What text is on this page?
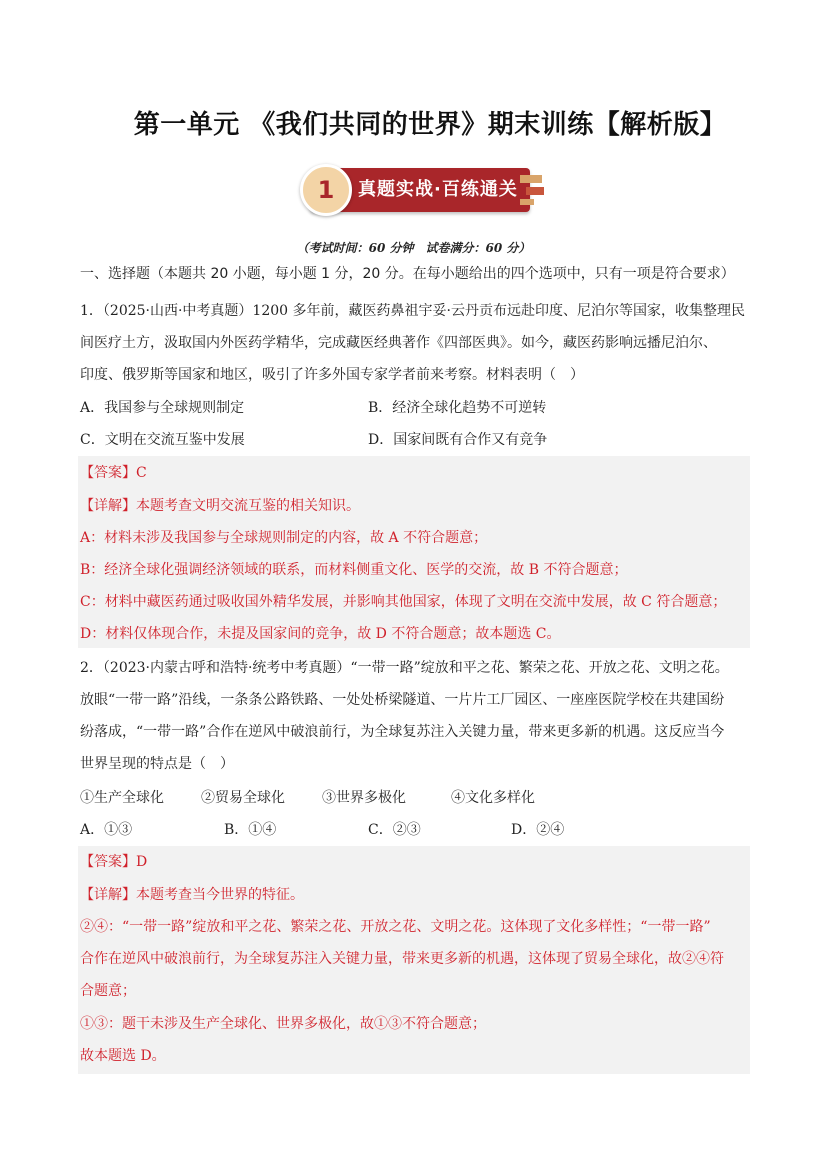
第一单元 《我们共同的世界》期末训练【解析版】
1	真题实战·百练通关
（考试时间：60 分钟　试卷满分：60 分）
一、选择题（本题共 20 小题，每小题 1 分，20 分。在每小题给出的四个选项中，只有一项是符合要求）
1．（2025·山西·中考真题）1200 多年前，藏医药鼻祖宇妥·云丹贡布远赴印度、尼泊尔等国家，收集整理民
间医疗土方，汲取国内外医药学精华，完成藏医经典著作《四部医典》。如今，藏医药影响远播尼泊尔、
印度、俄罗斯等国家和地区，吸引了许多外国专家学者前来考察。材料表明（　）
A．我国参与全球规则制定	B．经济全球化趋势不可逆转
C．文明在交流互鉴中发展	D．国家间既有合作又有竞争
【答案】C
【详解】本题考查文明交流互鉴的相关知识。
A：材料未涉及我国参与全球规则制定的内容，故 A 不符合题意；
B：经济全球化强调经济领域的联系，而材料侧重文化、医学的交流，故 B 不符合题意；
C：材料中藏医药通过吸收国外精华发展，并影响其他国家，体现了文明在交流中发展，故 C 符合题意；
D：材料仅体现合作，未提及国家间的竞争，故 D 不符合题意；故本题选 C。
2．（2023·内蒙古呼和浩特·统考中考真题）“一带一路”绽放和平之花、繁荣之花、开放之花、文明之花。
放眼“一带一路”沿线，一条条公路铁路、一处处桥梁隧道、一片片工厂园区、一座座医院学校在共建国纷
纷落成，“一带一路”合作在逆风中破浪前行，为全球复苏注入关键力量，带来更多新的机遇。这反应当今
世界呈现的特点是（　）
①生产全球化	②贸易全球化	③世界多极化	④文化多样化
A．①③	B．①④	C．②③	D．②④
【答案】D
【详解】本题考查当今世界的特征。
②④：“一带一路”绽放和平之花、繁荣之花、开放之花、文明之花。这体现了文化多样性；“一带一路”
合作在逆风中破浪前行，为全球复苏注入关键力量，带来更多新的机遇，这体现了贸易全球化，故②④符
合题意；
①③：题干未涉及生产全球化、世界多极化，故①③不符合题意；
故本题选 D。
